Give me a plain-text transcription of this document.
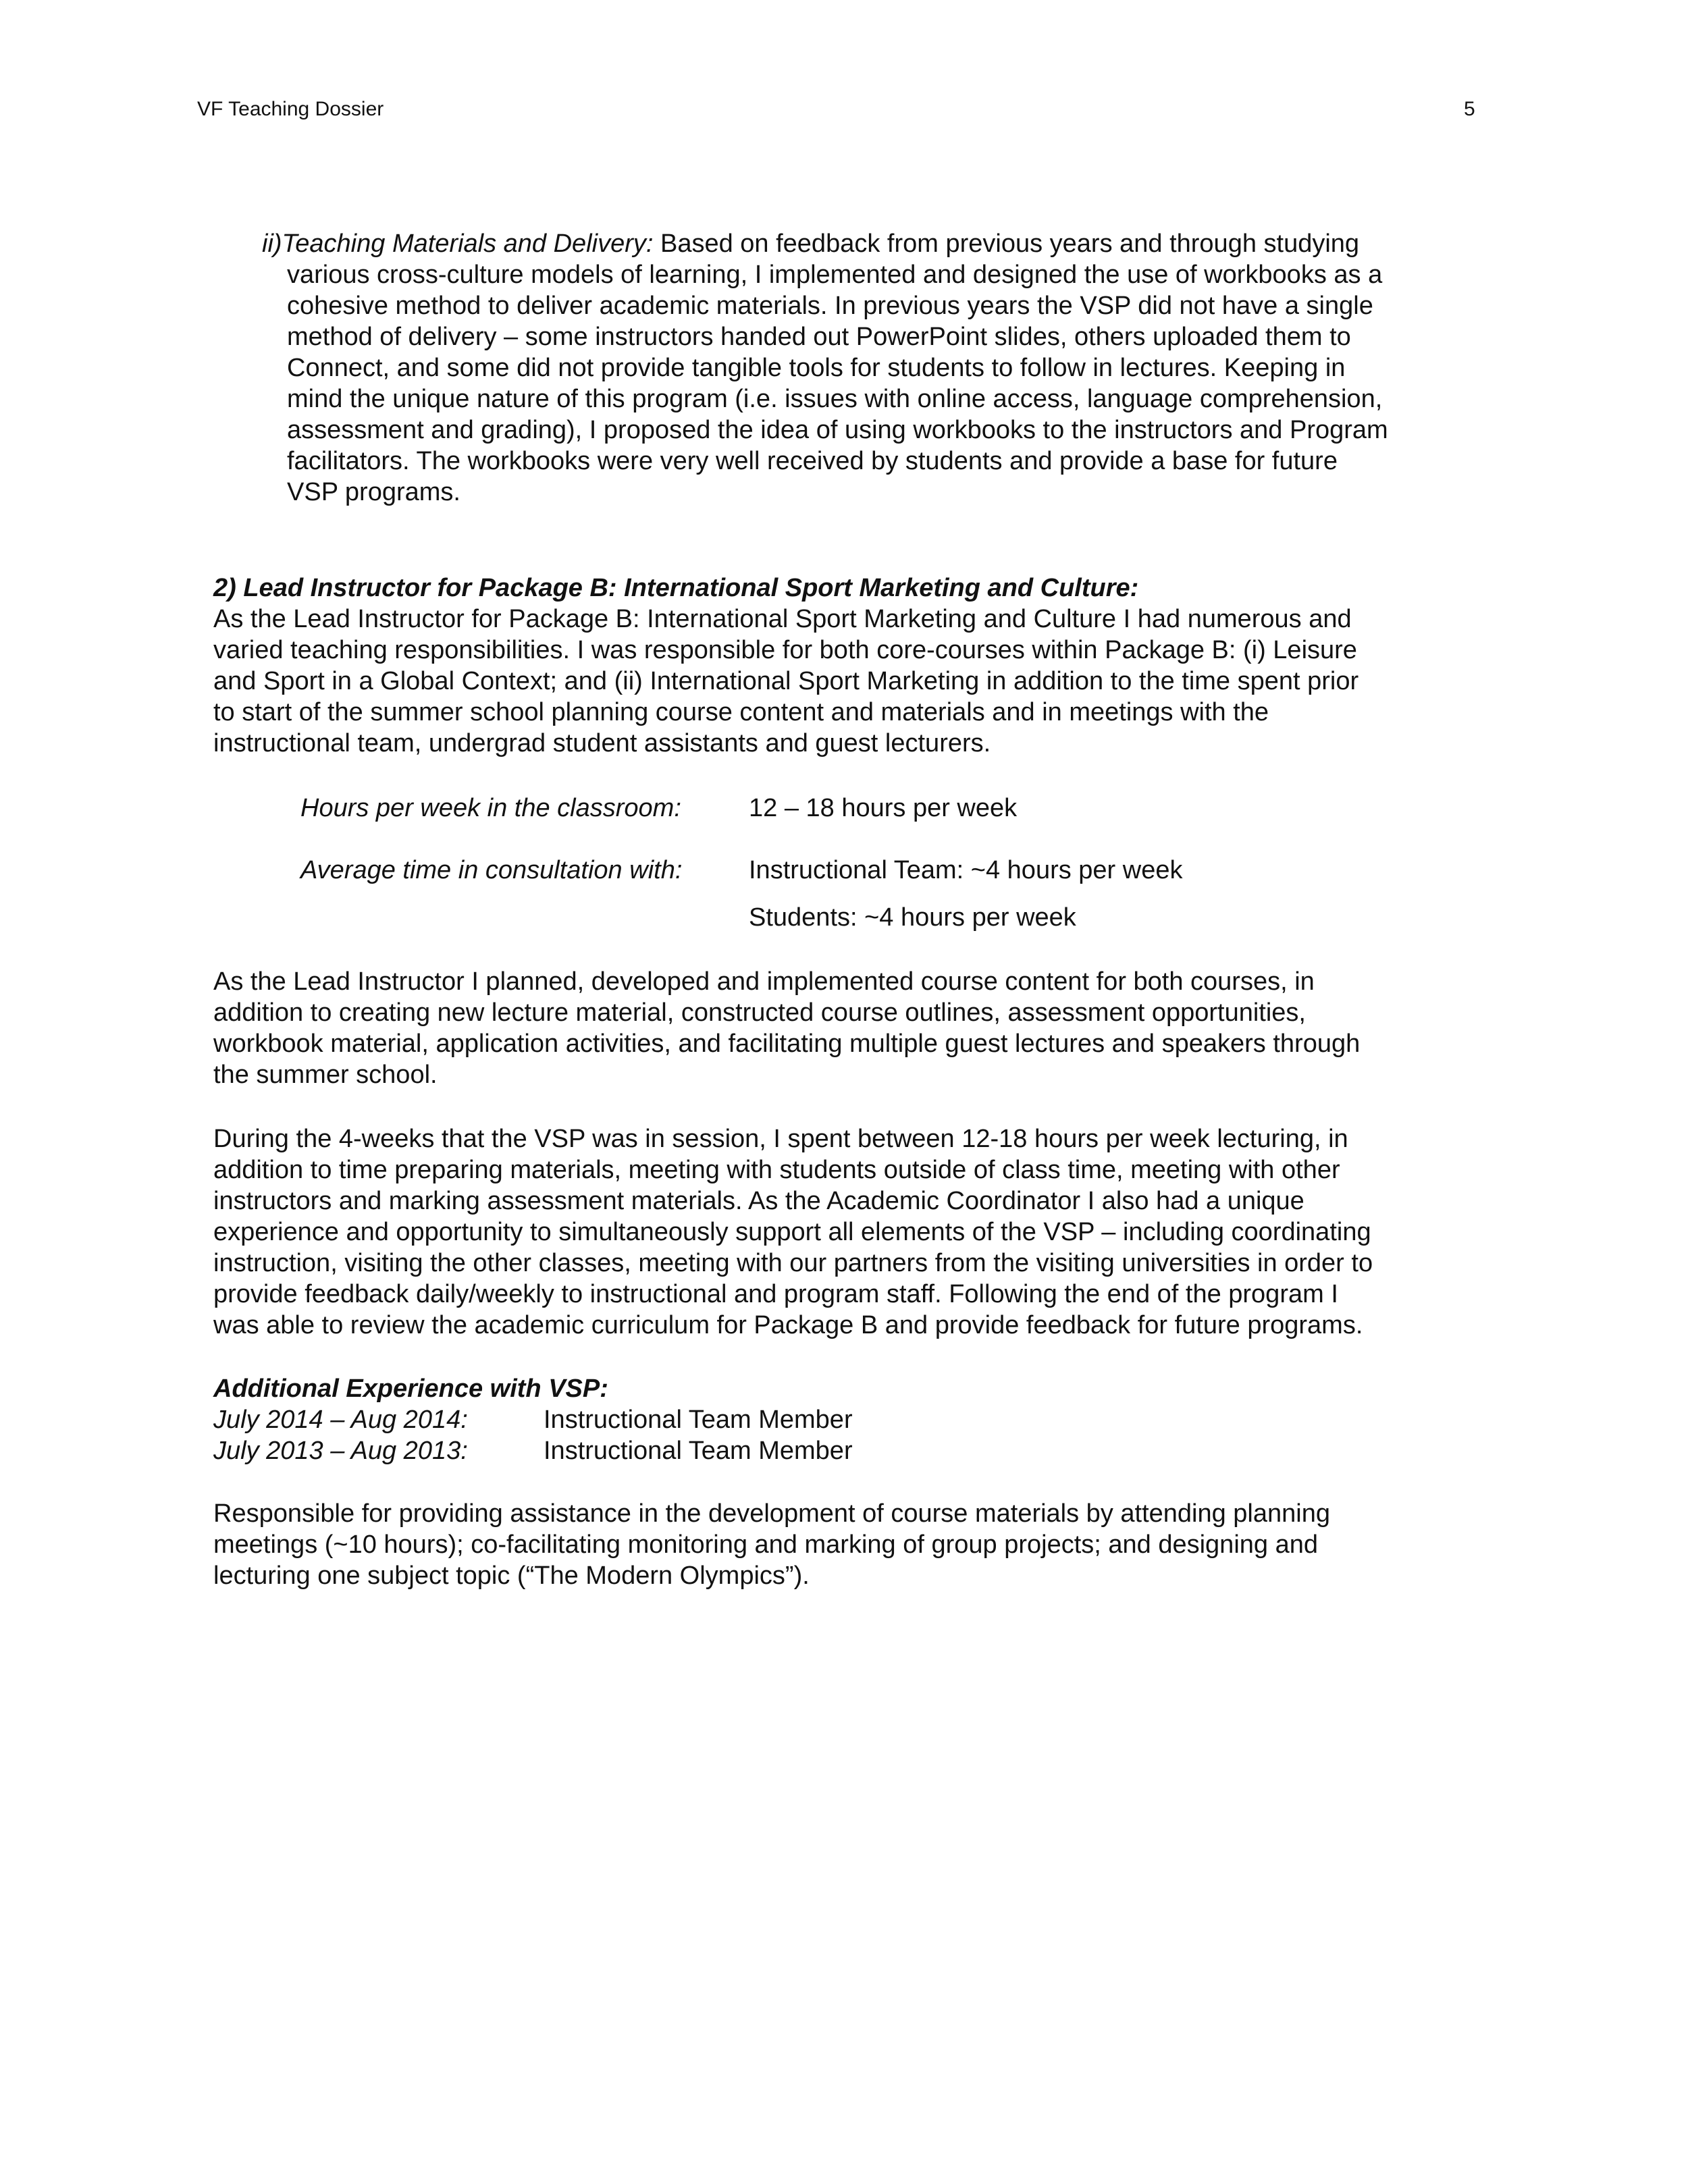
VF Teaching Dossier	5
ii)Teaching Materials and Delivery: Based on feedback from previous years and through studying
various cross-culture models of learning, I implemented and designed the use of workbooks as a
cohesive method to deliver academic materials. In previous years the VSP did not have a single
method of delivery – some instructors handed out PowerPoint slides, others uploaded them to
Connect, and some did not provide tangible tools for students to follow in lectures. Keeping in
mind the unique nature of this program (i.e. issues with online access, language comprehension,
assessment and grading), I proposed the idea of using workbooks to the instructors and Program
facilitators. The workbooks were very well received by students and provide a base for future
VSP programs.
2) Lead Instructor for Package B: International Sport Marketing and Culture:
As the Lead Instructor for Package B: International Sport Marketing and Culture I had numerous and
varied teaching responsibilities. I was responsible for both core-courses within Package B: (i) Leisure
and Sport in a Global Context; and (ii) International Sport Marketing in addition to the time spent prior
to start of the summer school planning course content and materials and in meetings with the
instructional team, undergrad student assistants and guest lecturers.
Hours per week in the classroom:	12 – 18 hours per week
Average time in consultation with:	Instructional Team: ~4 hours per week
Students: ~4 hours per week
As the Lead Instructor I planned, developed and implemented course content for both courses, in
addition to creating new lecture material, constructed course outlines, assessment opportunities,
workbook material, application activities, and facilitating multiple guest lectures and speakers through
the summer school.
During the 4-weeks that the VSP was in session, I spent between 12-18 hours per week lecturing, in
addition to time preparing materials, meeting with students outside of class time, meeting with other
instructors and marking assessment materials. As the Academic Coordinator I also had a unique
experience and opportunity to simultaneously support all elements of the VSP – including coordinating
instruction, visiting the other classes, meeting with our partners from the visiting universities in order to
provide feedback daily/weekly to instructional and program staff. Following the end of the program I
was able to review the academic curriculum for Package B and provide feedback for future programs.
Additional Experience with VSP:
July 2014 – Aug 2014:	Instructional Team Member
July 2013 – Aug 2013:	Instructional Team Member
Responsible for providing assistance in the development of course materials by attending planning
meetings (~10 hours); co-facilitating monitoring and marking of group projects; and designing and
lecturing one subject topic (“The Modern Olympics”).
